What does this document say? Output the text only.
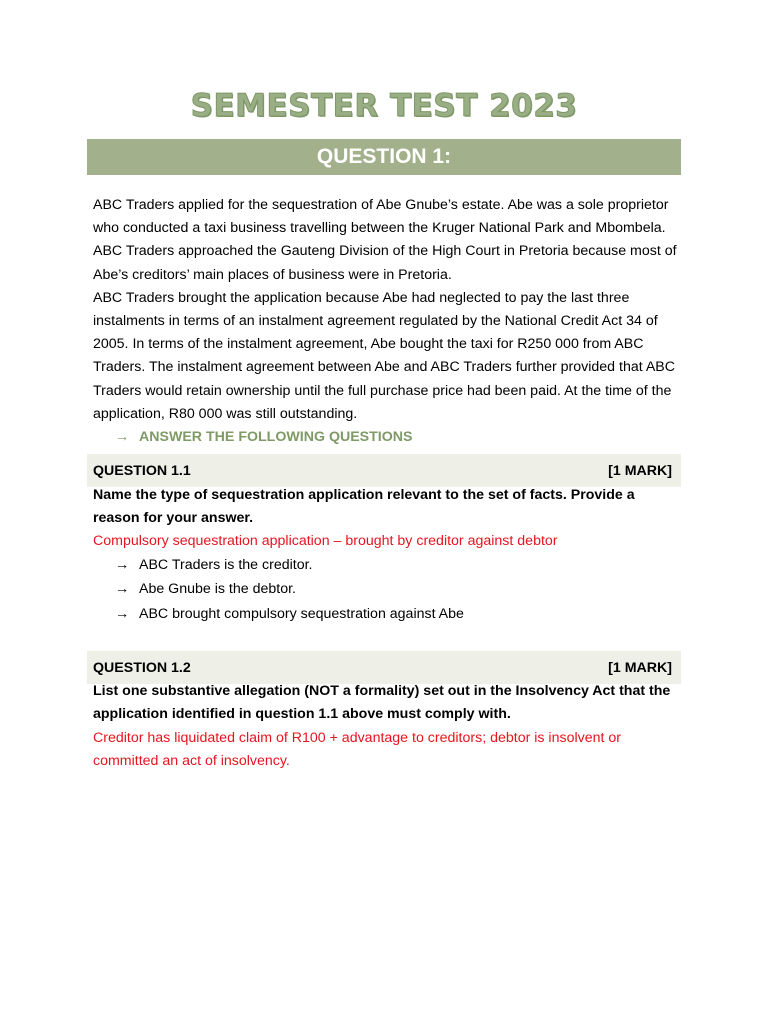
SEMESTER TEST 2023
QUESTION 1:
ABC Traders applied for the sequestration of Abe Gnube’s estate. Abe was a sole proprietor who conducted a taxi business travelling between the Kruger National Park and Mbombela. ABC Traders approached the Gauteng Division of the High Court in Pretoria because most of Abe’s creditors’ main places of business were in Pretoria.
ABC Traders brought the application because Abe had neglected to pay the last three instalments in terms of an instalment agreement regulated by the National Credit Act 34 of 2005. In terms of the instalment agreement, Abe bought the taxi for R250 000 from ABC Traders. The instalment agreement between Abe and ABC Traders further provided that ABC Traders would retain ownership until the full purchase price had been paid. At the time of the application, R80 000 was still outstanding.
→ ANSWER THE FOLLOWING QUESTIONS
QUESTION 1.1	[1 MARK]
Name the type of sequestration application relevant to the set of facts. Provide a reason for your answer.
Compulsory sequestration application – brought by creditor against debtor
→ ABC Traders is the creditor.
→ Abe Gnube is the debtor.
→ ABC brought compulsory sequestration against Abe
QUESTION 1.2	[1 MARK]
List one substantive allegation (NOT a formality) set out in the Insolvency Act that the application identified in question 1.1 above must comply with.
Creditor has liquidated claim of R100 + advantage to creditors; debtor is insolvent or committed an act of insolvency.
